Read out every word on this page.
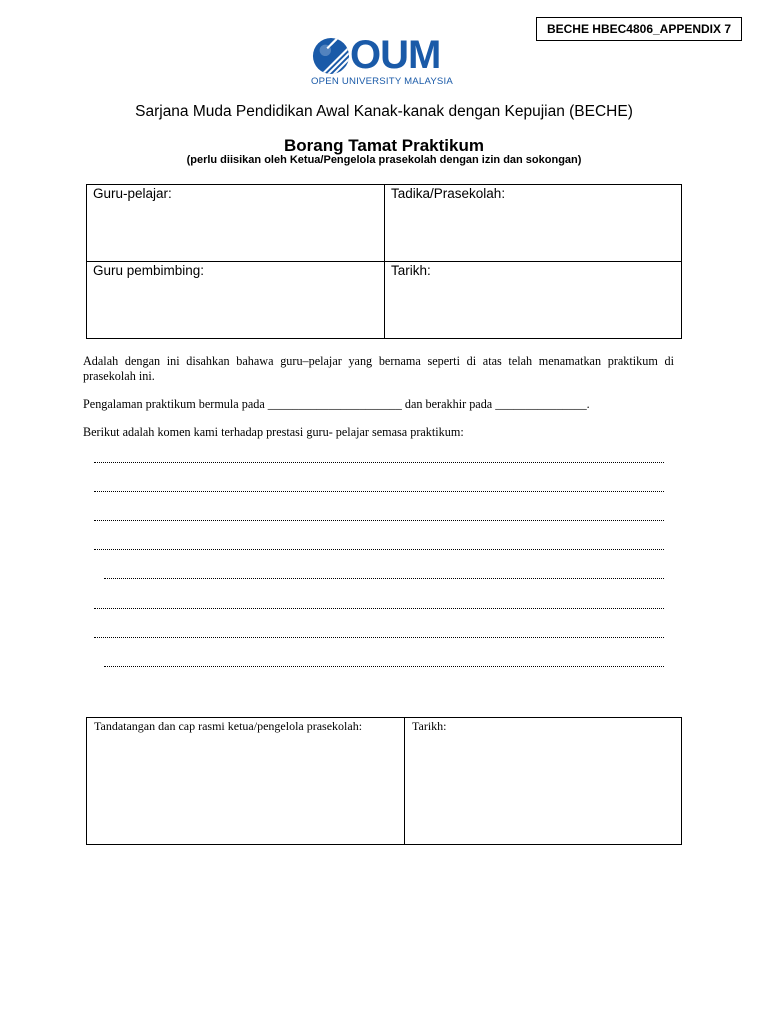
BECHE HBEC4806_APPENDIX 7
OUM
OPEN UNIVERSITY MALAYSIA
Sarjana Muda Pendidikan Awal Kanak-kanak dengan Kepujian (BECHE)
Borang Tamat Praktikum
(perlu diisikan oleh Ketua/Pengelola prasekolah dengan izin dan sokongan)
Guru-pelajar:	Tadika/Prasekolah:

Guru pembimbing:	Tarikh:
Adalah dengan ini disahkan bahawa guru–pelajar yang bernama seperti di atas telah menamatkan praktikum di prasekolah ini.
Pengalaman praktikum bermula pada ______________________ dan berakhir pada _______________.
Berikut adalah komen kami terhadap prestasi guru- pelajar semasa praktikum:
Tandatangan dan cap rasmi ketua/pengelola prasekolah:	Tarikh:
